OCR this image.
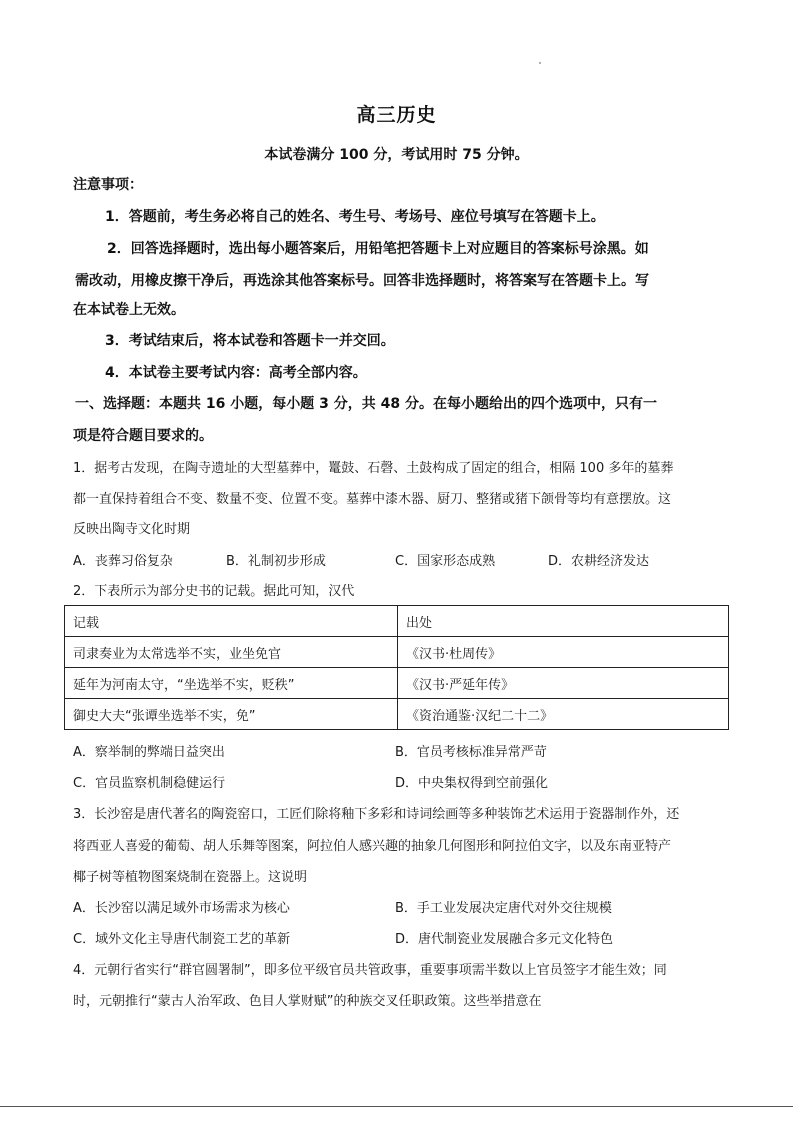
高三历史
本试卷满分 100 分，考试用时 75 分钟。
注意事项：
1．答题前，考生务必将自己的姓名、考生号、考场号、座位号填写在答题卡上。
2．回答选择题时，选出每小题答案后，用铅笔把答题卡上对应题目的答案标号涂黑。如
需改动，用橡皮擦干净后，再选涂其他答案标号。回答非选择题时，将答案写在答题卡上。写
在本试卷上无效。
3．考试结束后，将本试卷和答题卡一并交回。
4．本试卷主要考试内容：高考全部内容。
一、选择题：本题共 16 小题，每小题 3 分，共 48 分。在每小题给出的四个选项中，只有一
项是符合题目要求的。
1．据考古发现，在陶寺遗址的大型墓葬中，鼍鼓、石磬、土鼓构成了固定的组合，相隔 100 多年的墓葬
都一直保持着组合不变、数量不变、位置不变。墓葬中漆木器、厨刀、整猪或猪下颌骨等均有意摆放。这
反映出陶寺文化时期
A．丧葬习俗复杂	B．礼制初步形成	C．国家形态成熟	D．农耕经济发达
2．下表所示为部分史书的记载。据此可知，汉代
记载	出处
司隶奏业为太常选举不实，业坐免官	《汉书·杜周传》
延年为河南太守，“坐选举不实，贬秩”	《汉书·严延年传》
御史大夫“张谭坐选举不实，免”	《资治通鉴·汉纪二十二》
A．察举制的弊端日益突出	B．官员考核标准异常严苛
C．官员监察机制稳健运行	D．中央集权得到空前强化
3．长沙窑是唐代著名的陶瓷窑口，工匠们除将釉下多彩和诗词绘画等多种装饰艺术运用于瓷器制作外，还
将西亚人喜爱的葡萄、胡人乐舞等图案，阿拉伯人感兴趣的抽象几何图形和阿拉伯文字，以及东南亚特产
椰子树等植物图案烧制在瓷器上。这说明
A．长沙窑以满足域外市场需求为核心	B．手工业发展决定唐代对外交往规模
C．域外文化主导唐代制瓷工艺的革新	D．唐代制瓷业发展融合多元文化特色
4．元朝行省实行“群官圆署制”，即多位平级官员共管政事，重要事项需半数以上官员签字才能生效；同
时，元朝推行“蒙古人治军政、色目人掌财赋”的种族交叉任职政策。这些举措意在
